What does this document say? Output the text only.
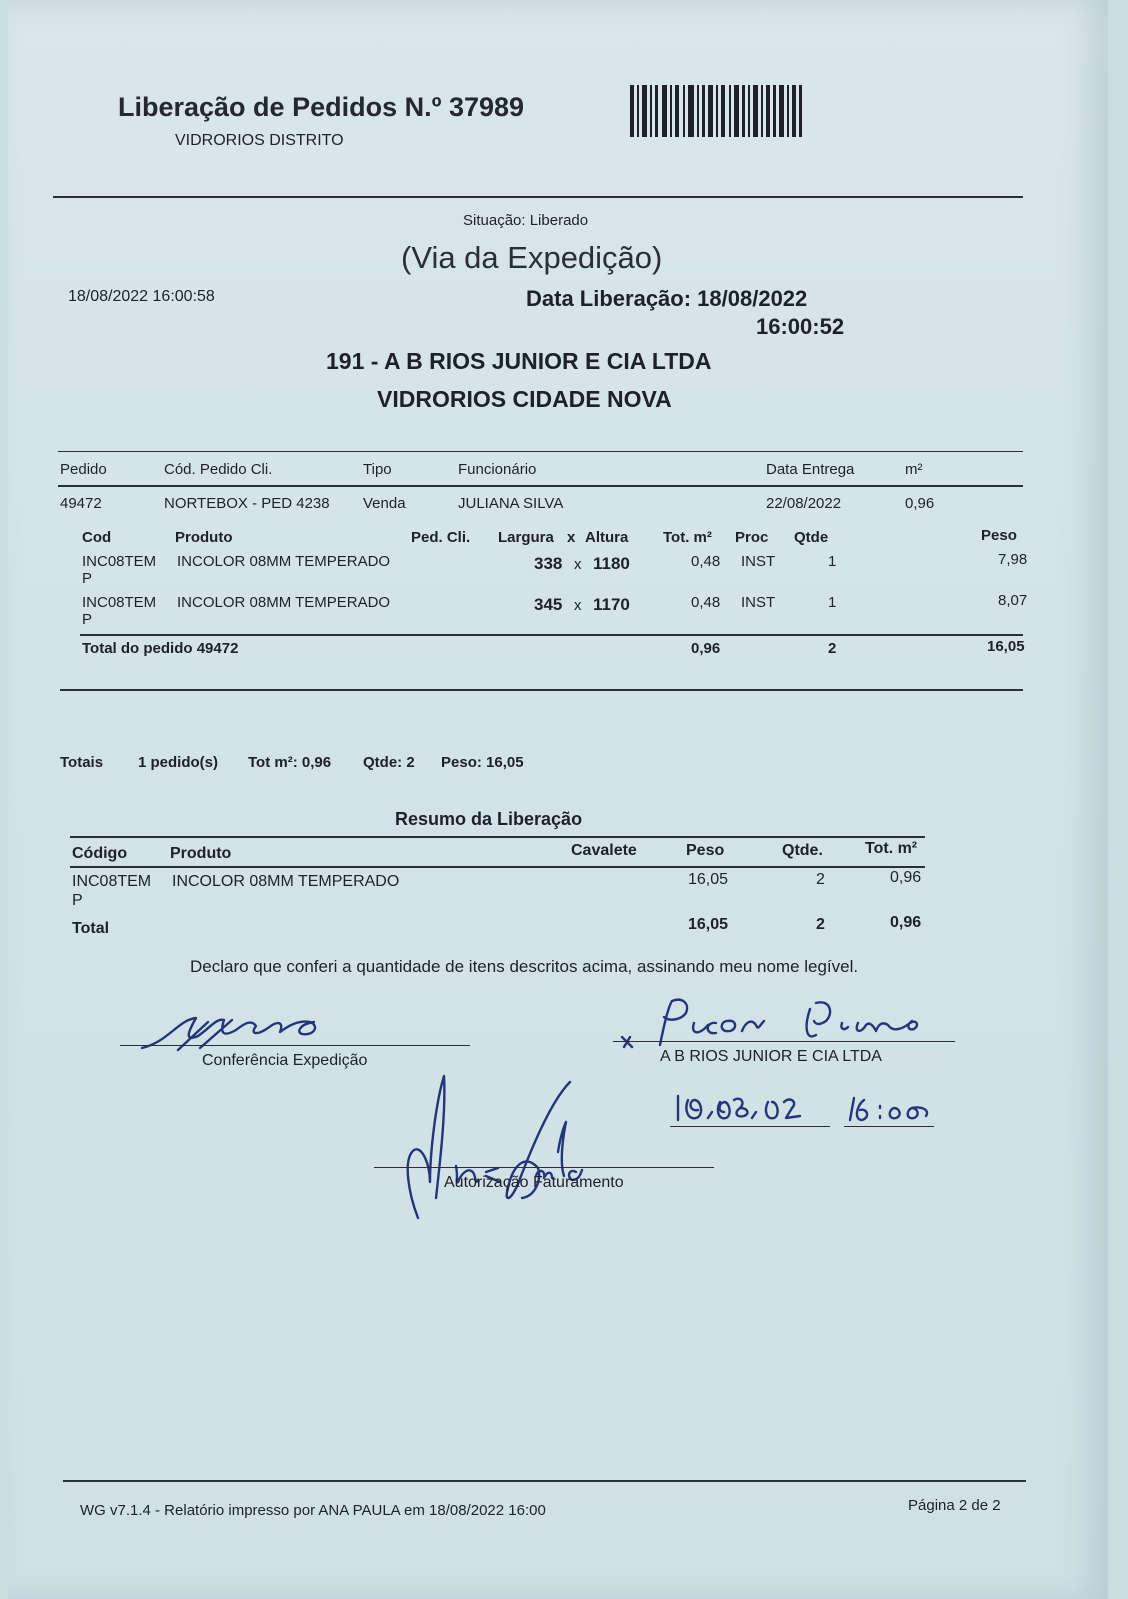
Liberação de Pedidos N.º 37989
VIDRORIOS DISTRITO
Situação: Liberado
(Via da Expedição)
18/08/2022 16:00:58	Data Liberação: 18/08/2022
16:00:52
191 - A B RIOS JUNIOR E CIA LTDA
VIDRORIOS CIDADE NOVA
Pedido	Cód. Pedido Cli.	Tipo	Funcionário	Data Entrega	m²
49472	NORTEBOX - PED 4238 Venda	JULIANA SILVA	22/08/2022	0,96
Cod	Produto	Ped. Cli. Largura x Altura Tot. m² Proc Qtde	Peso
INC08TEM
P
INCOLOR 08MM TEMPERADO	338 x 1180	0,48 INST	1	7,98
INC08TEM
P
INCOLOR 08MM TEMPERADO	345 x 1170	0,48 INST	1	8,07
Total do pedido 49472	0,96	2	16,05
Totais 1 pedido(s) Tot m²: 0,96 Qtde: 2 Peso: 16,05
Resumo da Liberação
Código	Produto	Cavalete	Peso	Qtde.	Tot. m²
INC08TEM
P
INCOLOR 08MM TEMPERADO	16,05	2	0,96
Total	16,05	2	0,96
Declaro que conferi a quantidade de itens descritos acima, assinando meu nome legível.
Conferência Expedição	A B RIOS JUNIOR E CIA LTDA
Autorização Faturamento
WG v7.1.4 - Relatório impresso por ANA PAULA em 18/08/2022 16:00	Página 2 de 2
